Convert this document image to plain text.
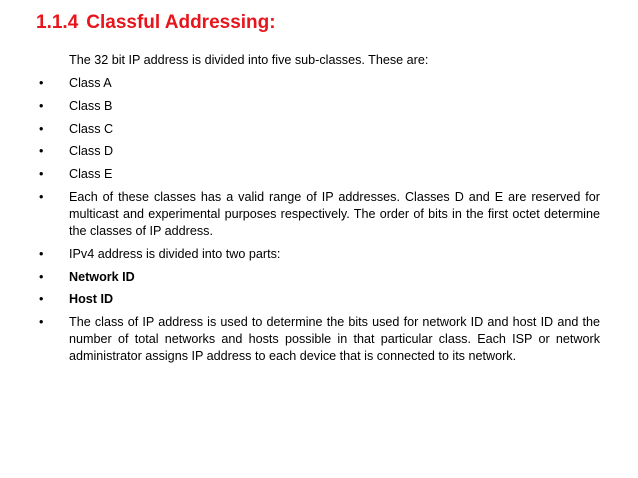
1.1.4 Classful Addressing:
The 32 bit IP address is divided into five sub-classes. These are:
• Class A
• Class B
• Class C
• Class D
• Class E
• Each of these classes has a valid range of IP addresses. Classes D and E are reserved for multicast and experimental purposes respectively. The order of bits in the first octet determine the classes of IP address.
• IPv4 address is divided into two parts:
• Network ID
• Host ID
• The class of IP address is used to determine the bits used for network ID and host ID and the number of total networks and hosts possible in that particular class. Each ISP or network administrator assigns IP address to each device that is connected to its network.
